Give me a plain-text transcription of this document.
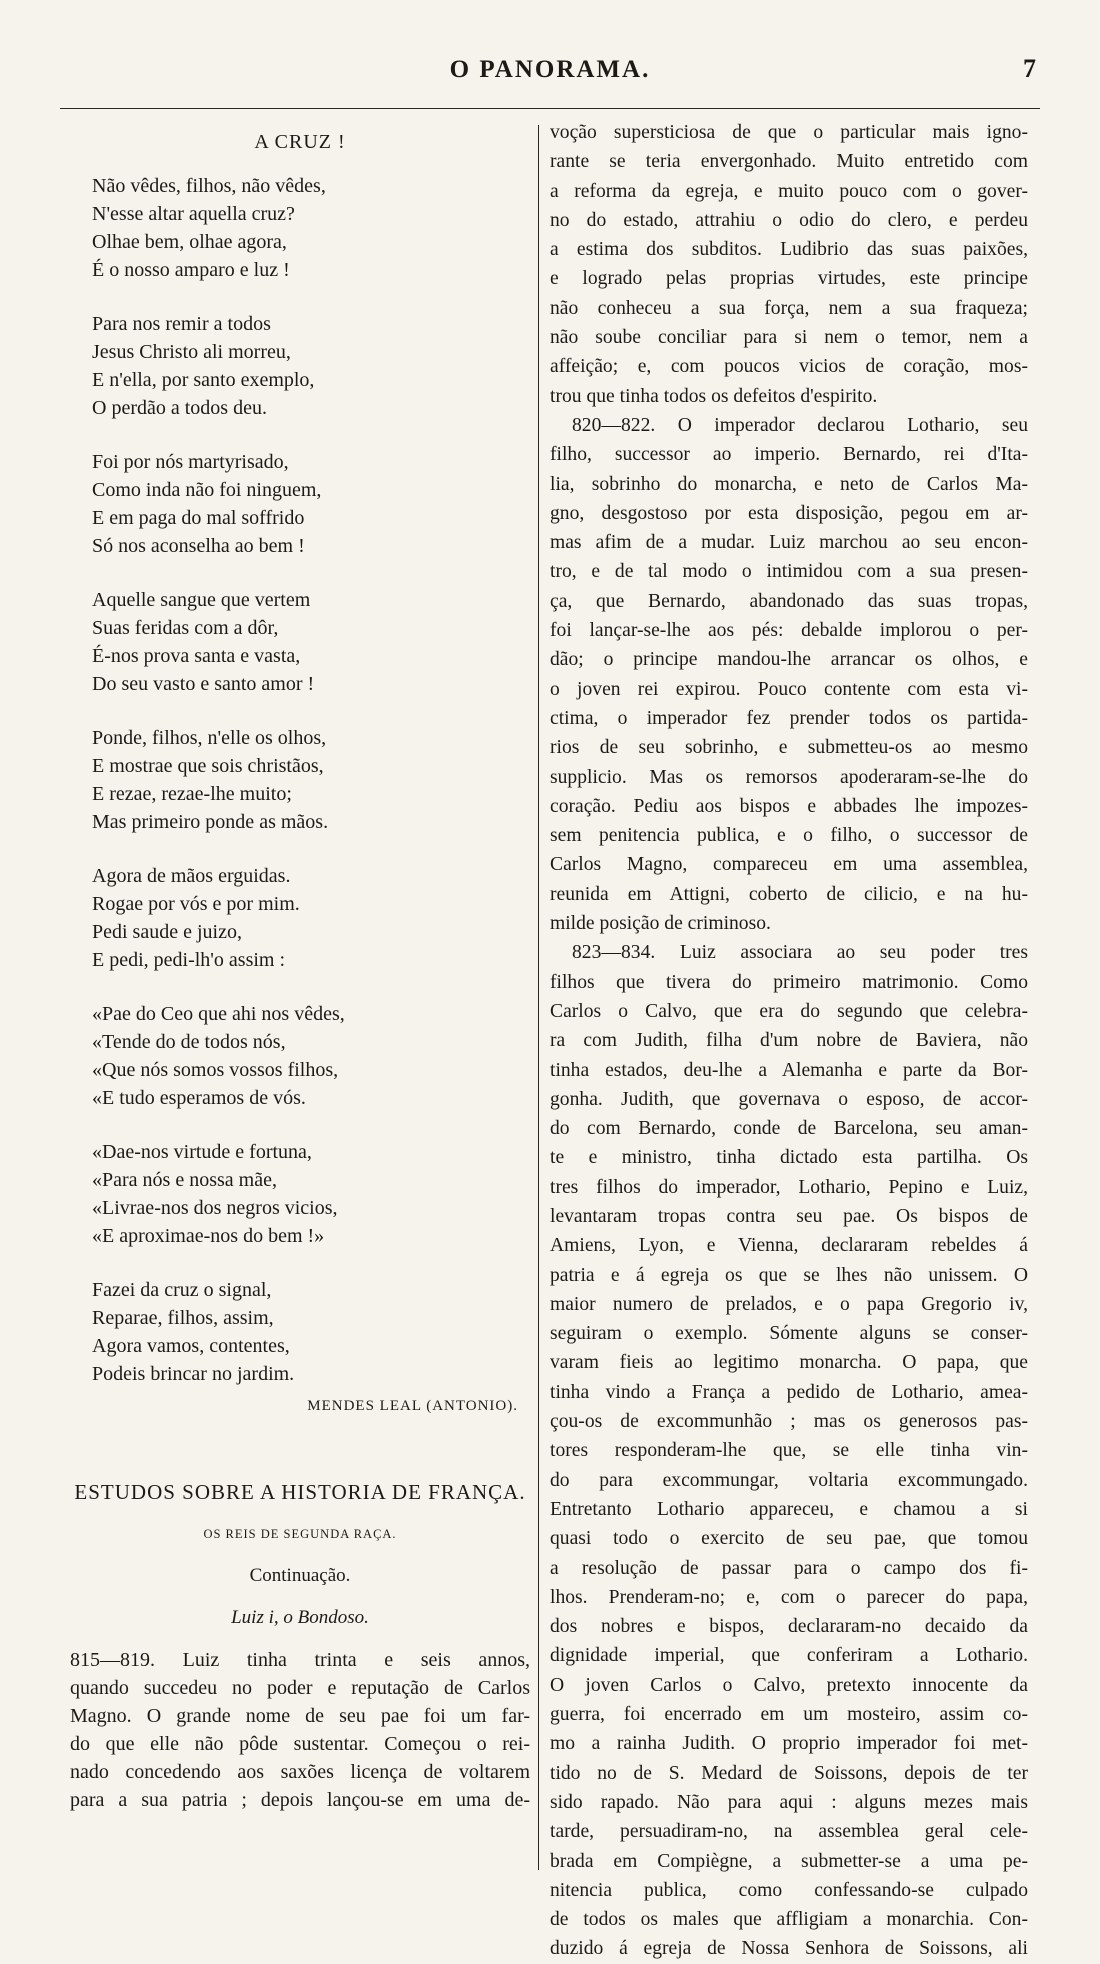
O PANORAMA.	7
A CRUZ !
Não vêdes, filhos, não vêdes,
N'esse altar aquella cruz?
Olhae bem, olhae agora,
É o nosso amparo e luz !
Para nos remir a todos
Jesus Christo ali morreu,
E n'ella, por santo exemplo,
O perdão a todos deu.
Foi por nós martyrisado,
Como inda não foi ninguem,
E em paga do mal soffrido
Só nos aconselha ao bem !
Aquelle sangue que vertem
Suas feridas com a dôr,
É-nos prova santa e vasta,
Do seu vasto e santo amor !
Ponde, filhos, n'elle os olhos,
E mostrae que sois christãos,
E rezae, rezae-lhe muito;
Mas primeiro ponde as mãos.
Agora de mãos erguidas.
Rogae por vós e por mim.
Pedi saude e juizo,
E pedi, pedi-lh'o assim :
«Pae do Ceo que ahi nos vêdes,
«Tende do de todos nós,
«Que nós somos vossos filhos,
«E tudo esperamos de vós.
«Dae-nos virtude e fortuna,
«Para nós e nossa mãe,
«Livrae-nos dos negros vicios,
«E aproximae-nos do bem !»
Fazei da cruz o signal,
Reparae, filhos, assim,
Agora vamos, contentes,
Podeis brincar no jardim.
MENDES LEAL (ANTONIO).
ESTUDOS SOBRE A HISTORIA DE FRANÇA.
OS REIS DE SEGUNDA RAÇA.
Continuação.
Luiz i, o Bondoso.
815—819. Luiz tinha trinta e seis annos,
quando succedeu no poder e reputação de Carlos
Magno. O grande nome de seu pae foi um far-
do que elle não pôde sustentar. Começou o rei-
nado concedendo aos saxões licença de voltarem
para a sua patria ; depois lançou-se em uma de-
voção supersticiosa de que o particular mais igno-
rante se teria envergonhado. Muito entretido com
a reforma da egreja, e muito pouco com o gover-
no do estado, attrahiu o odio do clero, e perdeu
a estima dos subditos. Ludibrio das suas paixões,
e logrado pelas proprias virtudes, este principe
não conheceu a sua força, nem a sua fraqueza;
não soube conciliar para si nem o temor, nem a
affeição; e, com poucos vicios de coração, mos-
trou que tinha todos os defeitos d'espirito.
820—822. O imperador declarou Lothario, seu
filho, successor ao imperio. Bernardo, rei d'Ita-
lia, sobrinho do monarcha, e neto de Carlos Ma-
gno, desgostoso por esta disposição, pegou em ar-
mas afim de a mudar. Luiz marchou ao seu encon-
tro, e de tal modo o intimidou com a sua presen-
ça, que Bernardo, abandonado das suas tropas,
foi lançar-se-lhe aos pés: debalde implorou o per-
dão; o principe mandou-lhe arrancar os olhos, e
o joven rei expirou. Pouco contente com esta vi-
ctima, o imperador fez prender todos os partida-
rios de seu sobrinho, e submetteu-os ao mesmo
supplicio. Mas os remorsos apoderaram-se-lhe do
coração. Pediu aos bispos e abbades lhe impozes-
sem penitencia publica, e o filho, o successor de
Carlos Magno, compareceu em uma assemblea,
reunida em Attigni, coberto de cilicio, e na hu-
milde posição de criminoso.
823—834. Luiz associara ao seu poder tres
filhos que tivera do primeiro matrimonio. Como
Carlos o Calvo, que era do segundo que celebra-
ra com Judith, filha d'um nobre de Baviera, não
tinha estados, deu-lhe a Alemanha e parte da Bor-
gonha. Judith, que governava o esposo, de accor-
do com Bernardo, conde de Barcelona, seu aman-
te e ministro, tinha dictado esta partilha. Os
tres filhos do imperador, Lothario, Pepino e Luiz,
levantaram tropas contra seu pae. Os bispos de
Amiens, Lyon, e Vienna, declararam rebeldes á
patria e á egreja os que se lhes não unissem. O
maior numero de prelados, e o papa Gregorio iv,
seguiram o exemplo. Sómente alguns se conser-
varam fieis ao legitimo monarcha. O papa, que
tinha vindo a França a pedido de Lothario, amea-
çou-os de excommunhão ; mas os generosos pas-
tores responderam-lhe que, se elle tinha vin-
do para excommungar, voltaria excommungado.
Entretanto Lothario appareceu, e chamou a si
quasi todo o exercito de seu pae, que tomou
a resolução de passar para o campo dos fi-
lhos. Prenderam-no; e, com o parecer do papa,
dos nobres e bispos, declararam-no decaido da
dignidade imperial, que conferiram a Lothario.
O joven Carlos o Calvo, pretexto innocente da
guerra, foi encerrado em um mosteiro, assim co-
mo a rainha Judith. O proprio imperador foi met-
tido no de S. Medard de Soissons, depois de ter
sido rapado. Não para aqui : alguns mezes mais
tarde, persuadiram-no, na assemblea geral cele-
brada em Compiègne, a submetter-se a uma pe-
nitencia publica, como confessando-se culpado
de todos os males que affligiam a monarchia. Con-
duzido á egreja de Nossa Senhora de Soissons, ali
